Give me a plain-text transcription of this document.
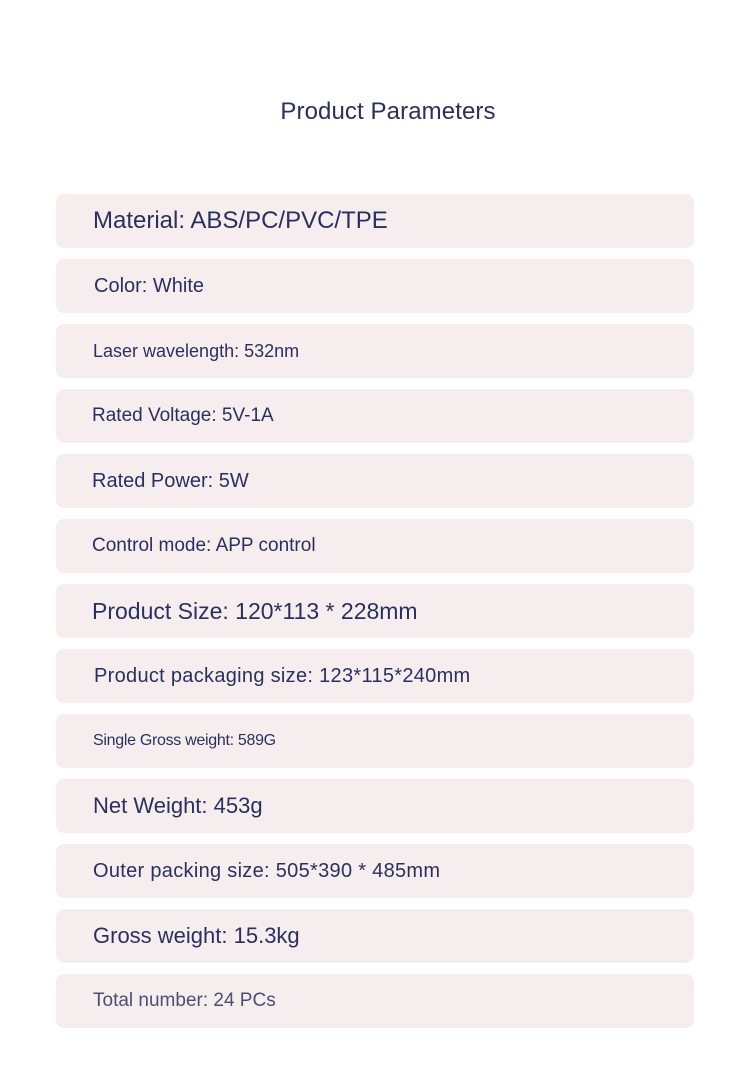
Product Parameters
Material: ABS/PC/PVC/TPE
Color: White
Laser wavelength: 532nm
Rated Voltage: 5V-1A
Rated Power: 5W
Control mode: APP control
Product Size: 120*113 * 228mm
Product packaging size: 123*115*240mm
Single Gross weight: 589G
Net Weight: 453g
Outer packing size: 505*390 * 485mm
Gross weight: 15.3kg
Total number: 24 PCs
